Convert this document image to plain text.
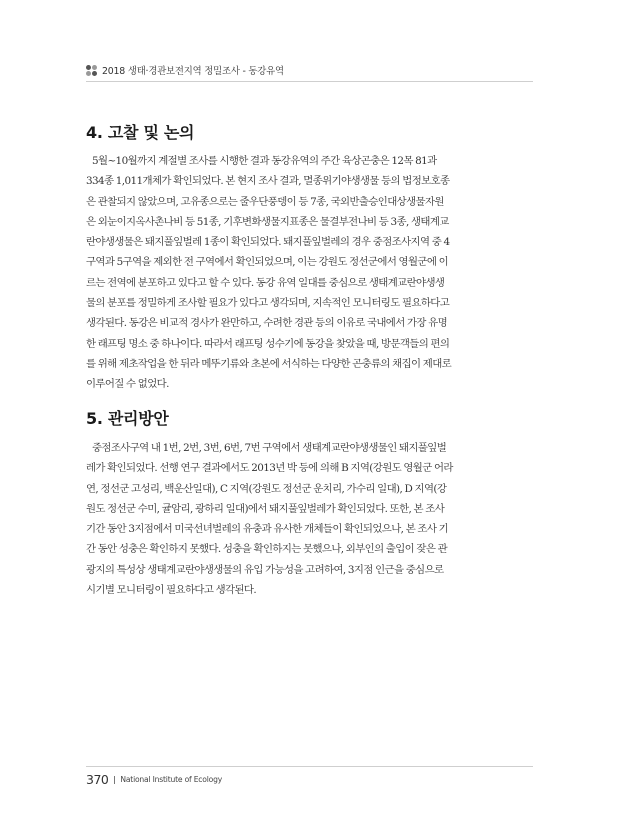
2018 생태·경관보전지역 정밀조사 - 동강유역
4. 고찰 및 논의
5월~10월까지 계절별 조사를 시행한 결과 동강유역의 주간 육상곤충은 12목 81과
334종 1,011개체가 확인되었다. 본 현지 조사 결과, 멸종위기야생생물 등의 법정보호종
은 관찰되지 않았으며, 고유종으로는 줄우단풍뎅이 등 7종, 국외반출승인대상생물자원
은 외눈이지옥사촌나비 등 51종, 기후변화생물지표종은 물결부전나비 등 3종, 생태계교
란야생생물은 돼지풀잎벌레 1종이 확인되었다. 돼지풀잎벌레의 경우 중점조사지역 중 4
구역과 5구역을 제외한 전 구역에서 확인되었으며, 이는 강원도 정선군에서 영월군에 이
르는 전역에 분포하고 있다고 할 수 있다. 동강 유역 일대를 중심으로 생태계교란야생생
물의 분포를 정밀하게 조사할 필요가 있다고 생각되며, 지속적인 모니터링도 필요하다고
생각된다. 동강은 비교적 경사가 완만하고, 수려한 경관 등의 이유로 국내에서 가장 유명
한 래프팅 명소 중 하나이다. 따라서 래프팅 성수기에 동강을 찾았을 때, 방문객들의 편의
를 위해 제초작업을 한 뒤라 메뚜기류와 초본에 서식하는 다양한 곤충류의 채집이 제대로
이루어질 수 없었다.
5. 관리방안
중점조사구역 내 1번, 2번, 3번, 6번, 7번 구역에서 생태계교란야생생물인 돼지풀잎벌
레가 확인되었다. 선행 연구 결과에서도 2013년 박 등에 의해 B 지역(강원도 영월군 어라
연, 정선군 고성리, 백운산일대), C 지역(강원도 정선군 운치리, 가수리 일대), D 지역(강
원도 정선군 수미, 귤암리, 광하리 일대)에서 돼지풀잎벌레가 확인되었다. 또한, 본 조사
기간 동안 3지점에서 미국선녀벌레의 유충과 유사한 개체들이 확인되었으나, 본 조사 기
간 동안 성충은 확인하지 못했다. 성충을 확인하지는 못했으나, 외부인의 출입이 잦은 관
광지의 특성상 생태계교란야생생물의 유입 가능성을 고려하여, 3지점 인근을 중심으로
시기별 모니터링이 필요하다고 생각된다.
370 National Institute of Ecology
